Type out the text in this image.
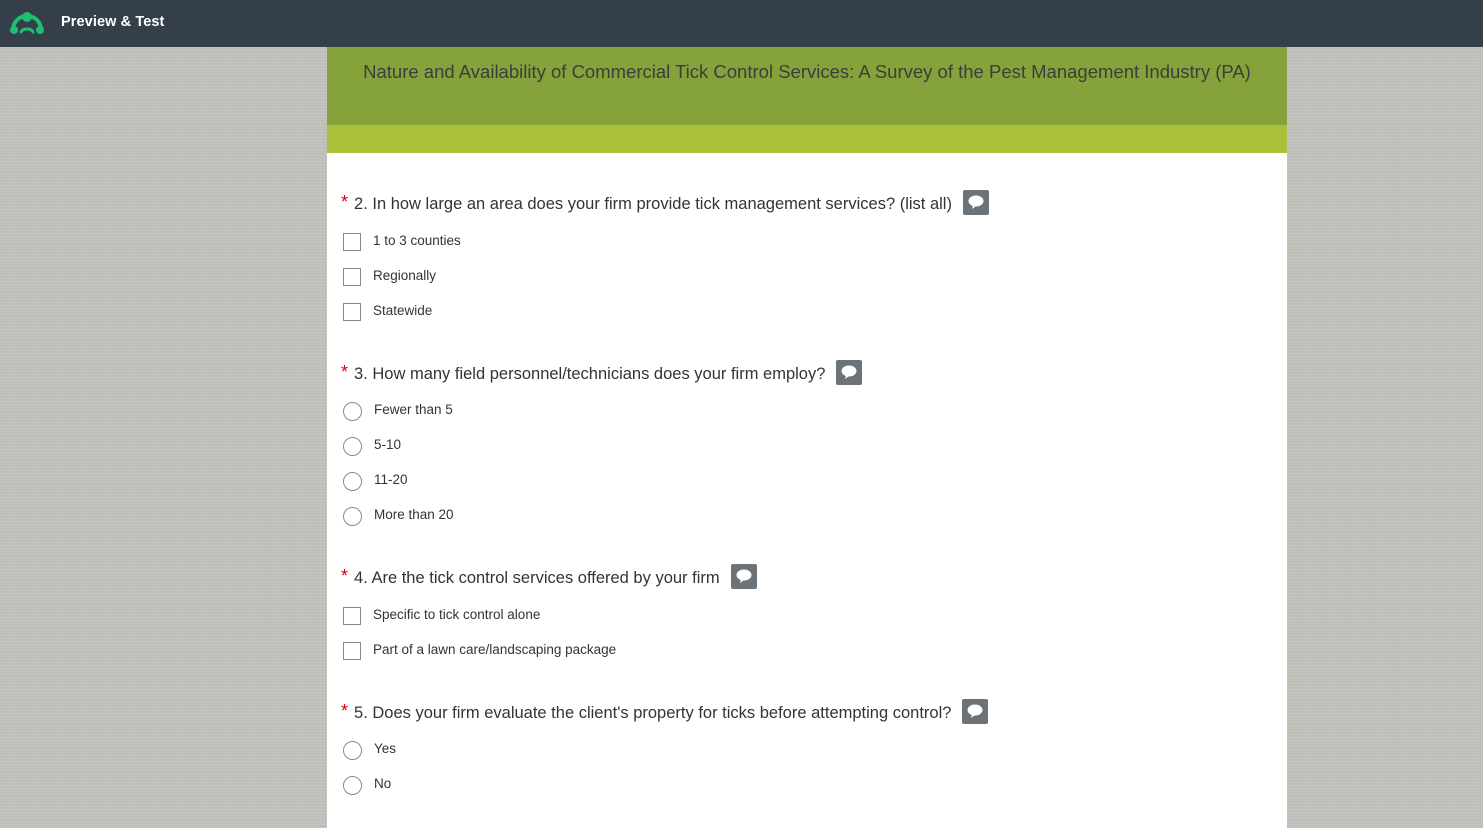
Preview & Test
Nature and Availability of Commercial Tick Control Services: A Survey of the Pest Management Industry (PA)
* 2. In how large an area does your firm provide tick management services? (list all)
1 to 3 counties
Regionally
Statewide
* 3. How many field personnel/technicians does your firm employ?
Fewer than 5
5-10
11-20
More than 20
* 4. Are the tick control services offered by your firm
Specific to tick control alone
Part of a lawn care/landscaping package
* 5. Does your firm evaluate the client's property for ticks before attempting control?
Yes
No
